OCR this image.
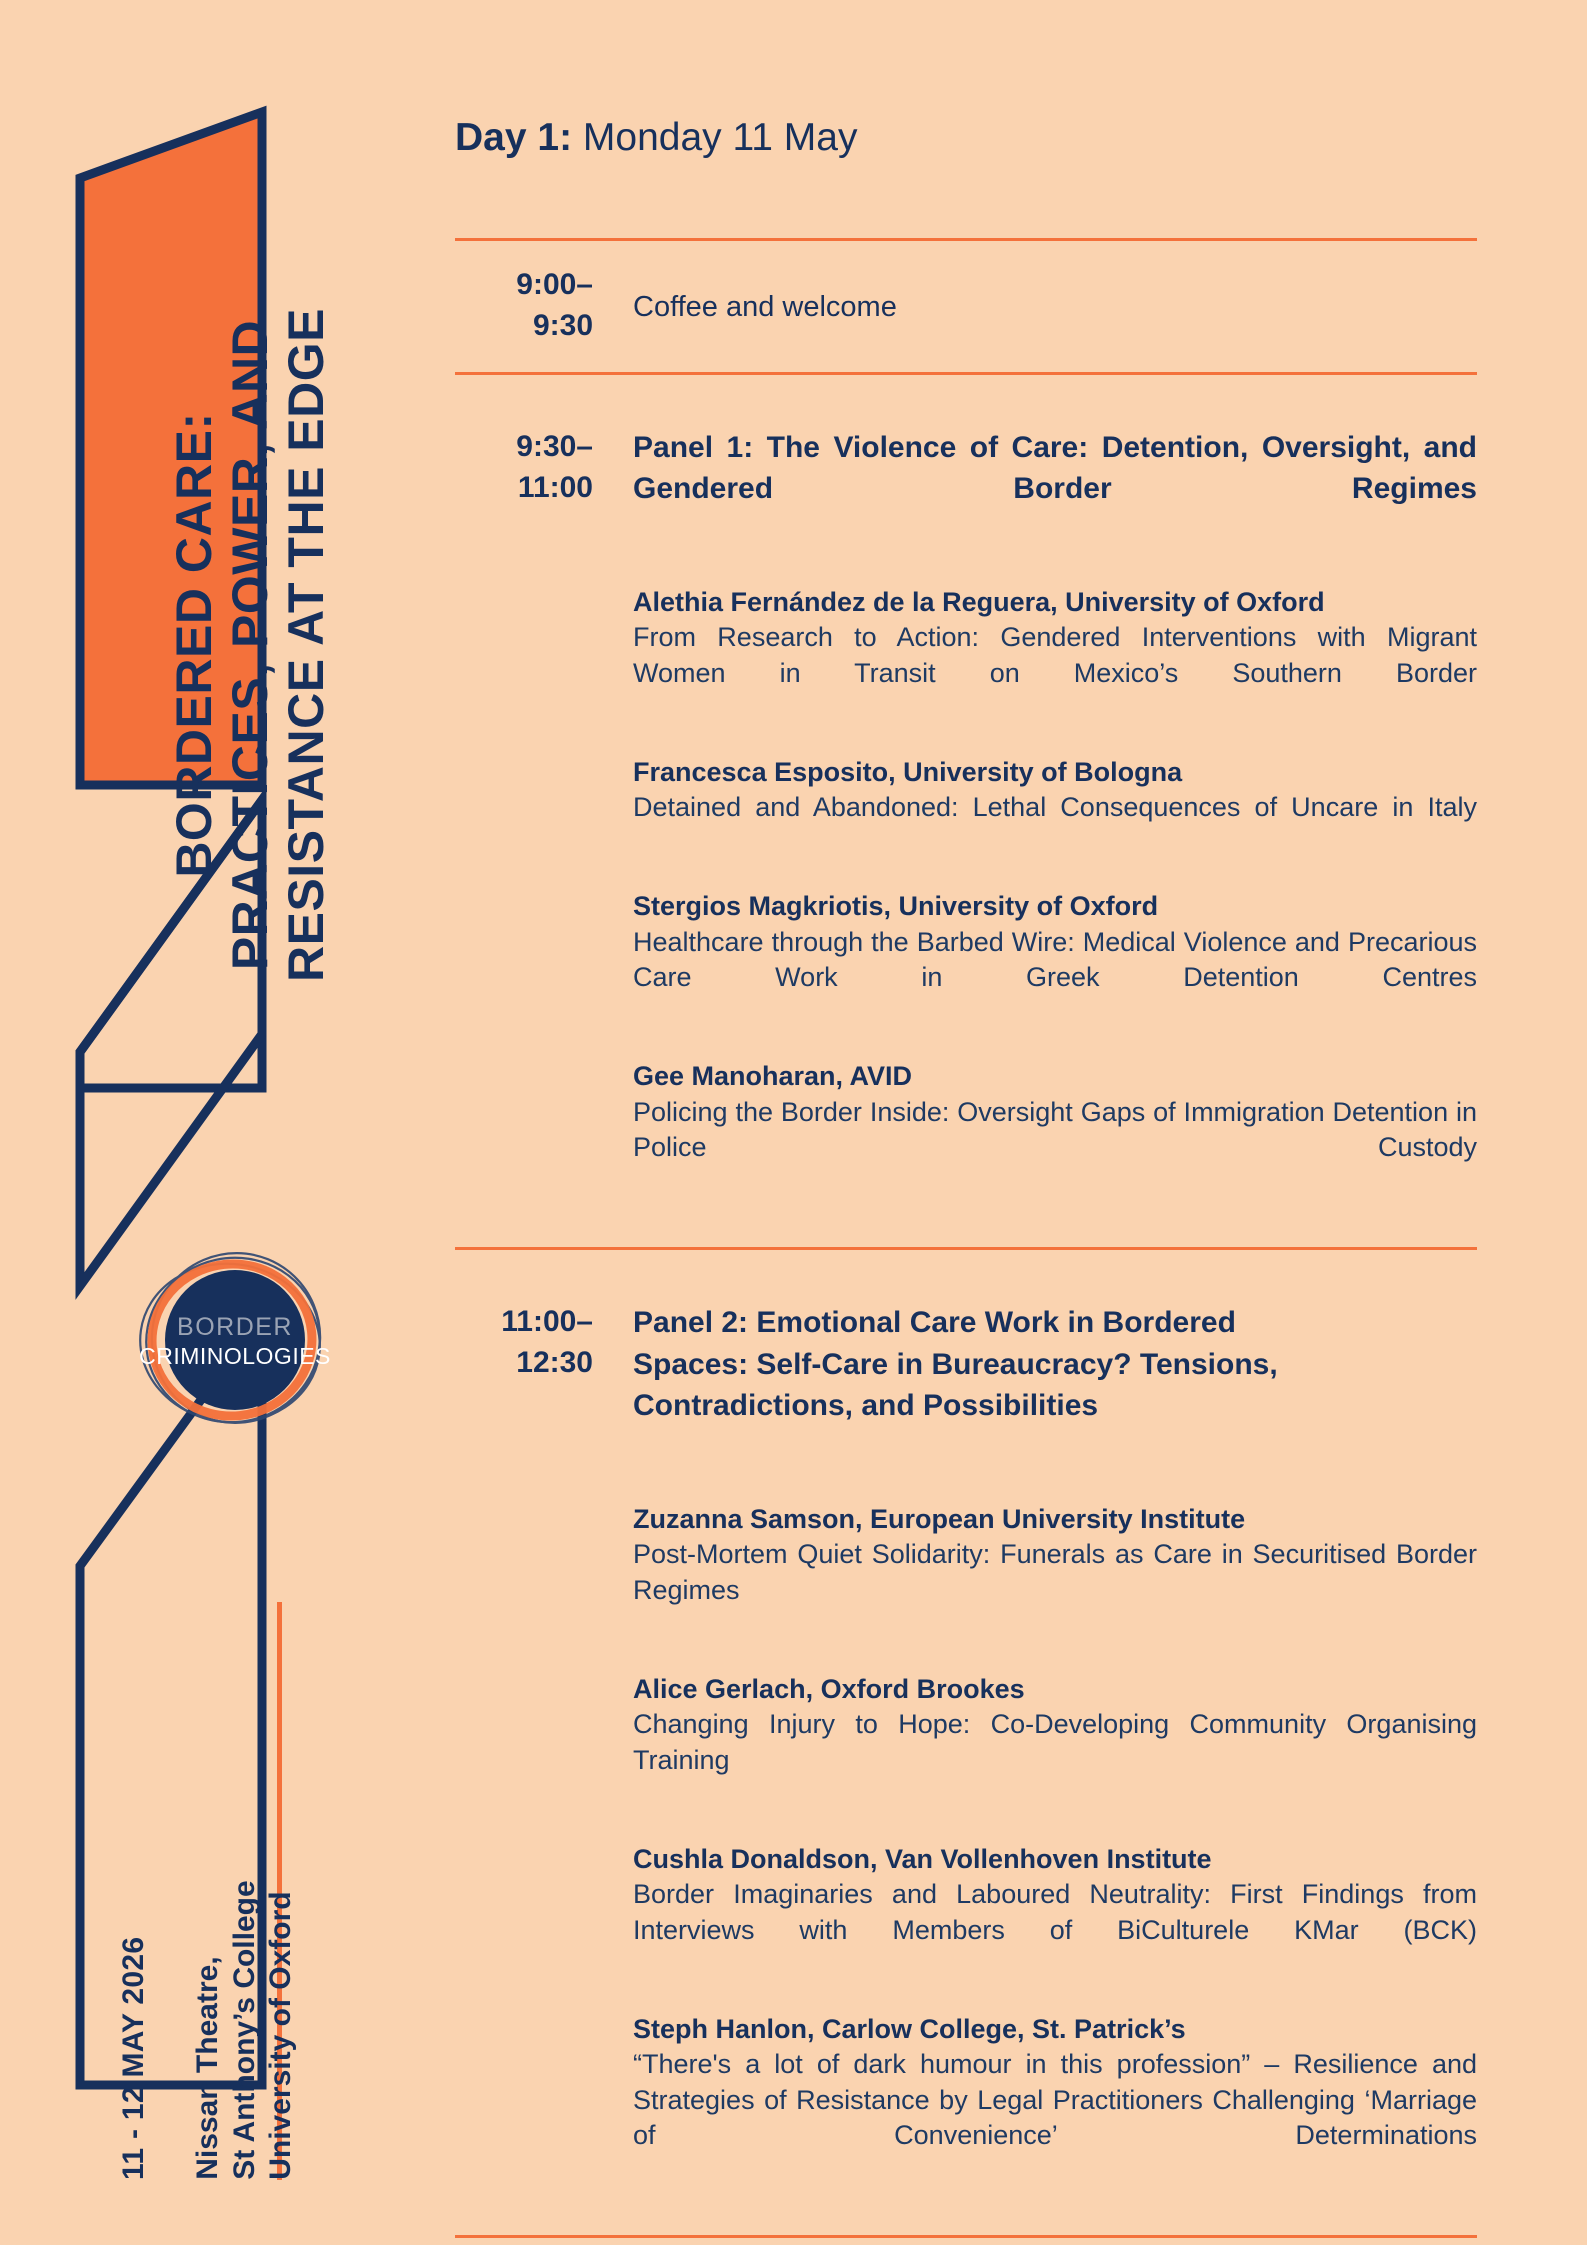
BORDERED CARE: PRACTICES, POWER, AND RESISTANCE AT THE EDGE
BORDER
CRIMINOLOGIES
11 - 12 MAY 2026 Nissan Theatre, St Anthony’s College University of Oxford
Day 1: Monday 11 May
9:00–
9:30
Coffee and welcome
9:30–
11:00
Panel 1: The Violence of Care: Detention, Oversight, and Gendered Border Regimes
Alethia Fernández de la Reguera, University of Oxford
From Research to Action: Gendered Interventions with Migrant Women in Transit on Mexico’s Southern Border
Francesca Esposito, University of Bologna
Detained and Abandoned: Lethal Consequences of Uncare in Italy
Stergios Magkriotis, University of Oxford
Healthcare through the Barbed Wire: Medical Violence and Precarious Care Work in Greek Detention Centres
Gee Manoharan, AVID
Policing the Border Inside: Oversight Gaps of Immigration Detention in Police Custody
11:00–
12:30
Panel 2: Emotional Care Work in Bordered Spaces: Self-Care in Bureaucracy? Tensions, Contradictions, and Possibilities
Zuzanna Samson, European University Institute
Post-Mortem Quiet Solidarity: Funerals as Care in Securitised Border Regimes
Alice Gerlach, Oxford Brookes
Changing Injury to Hope: Co-Developing Community Organising Training
Cushla Donaldson, Van Vollenhoven Institute
Border Imaginaries and Laboured Neutrality: First Findings from Interviews with Members of BiCulturele KMar (BCK)
Steph Hanlon, Carlow College, St. Patrick’s
“There's a lot of dark humour in this profession” – Resilience and Strategies of Resistance by Legal Practitioners Challenging ‘Marriage of Convenience’ Determinations
